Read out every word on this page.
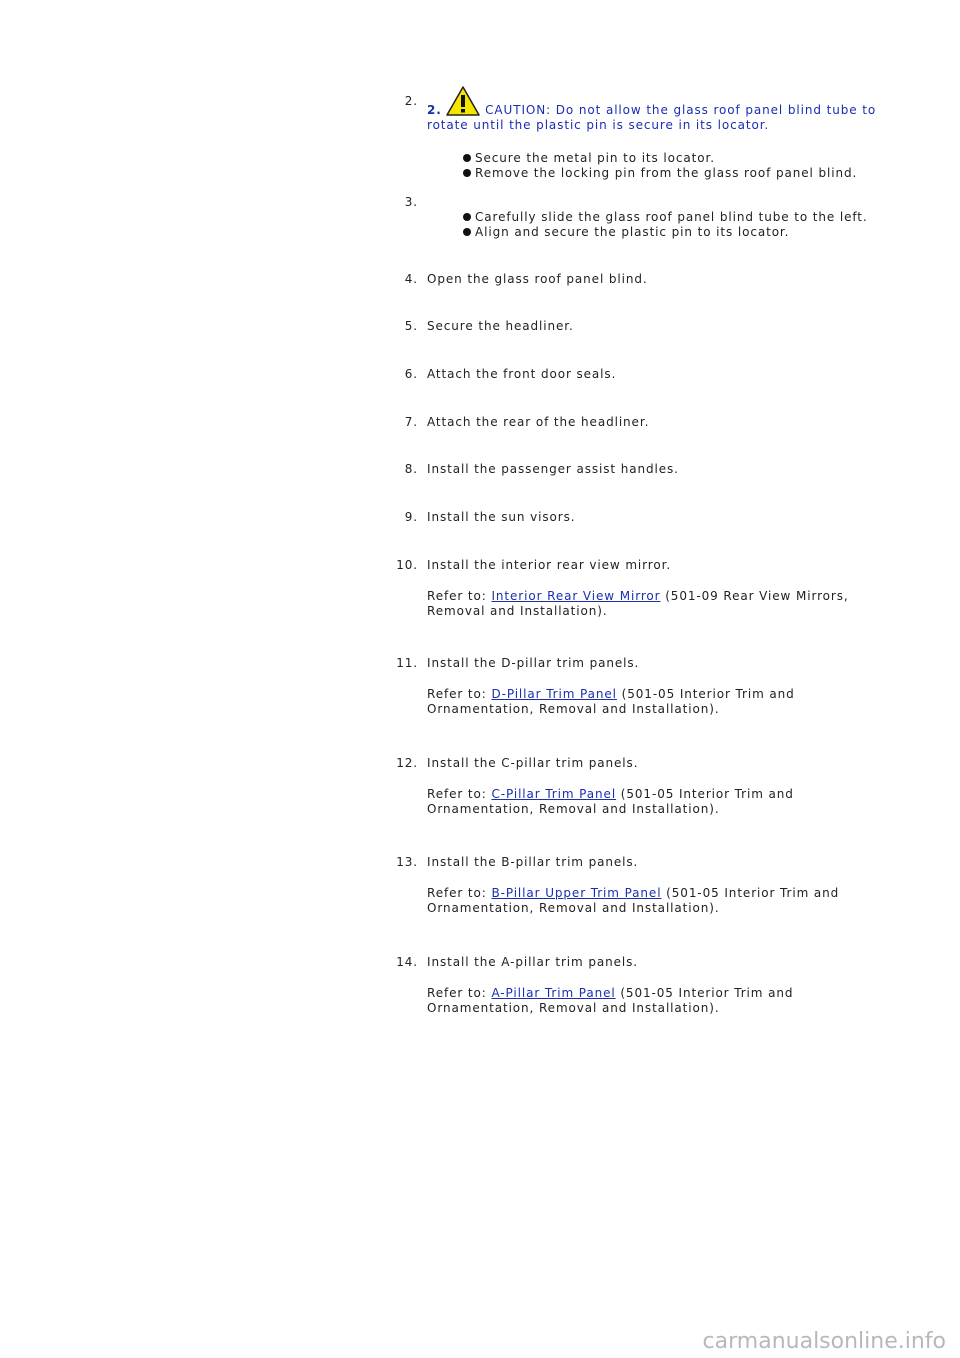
2.
2.	CAUTION: Do not allow the glass roof panel blind tube to rotate until the plastic pin is secure in its locator.
Secure the metal pin to its locator.
Remove the locking pin from the glass roof panel blind.
3.
Carefully slide the glass roof panel blind tube to the left.
Align and secure the plastic pin to its locator.
4. Open the glass roof panel blind.
5. Secure the headliner.
6. Attach the front door seals.
7. Attach the rear of the headliner.
8. Install the passenger assist handles.
9. Install the sun visors.
10. Install the interior rear view mirror.
Refer to: Interior Rear View Mirror (501-09 Rear View Mirrors, Removal and Installation).
11. Install the D-pillar trim panels.
Refer to: D-Pillar Trim Panel (501-05 Interior Trim and Ornamentation, Removal and Installation).
12. Install the C-pillar trim panels.
Refer to: C-Pillar Trim Panel (501-05 Interior Trim and Ornamentation, Removal and Installation).
13. Install the B-pillar trim panels.
Refer to: B-Pillar Upper Trim Panel (501-05 Interior Trim and Ornamentation, Removal and Installation).
14. Install the A-pillar trim panels.
Refer to: A-Pillar Trim Panel (501-05 Interior Trim and Ornamentation, Removal and Installation).
carmanualsonline.info
